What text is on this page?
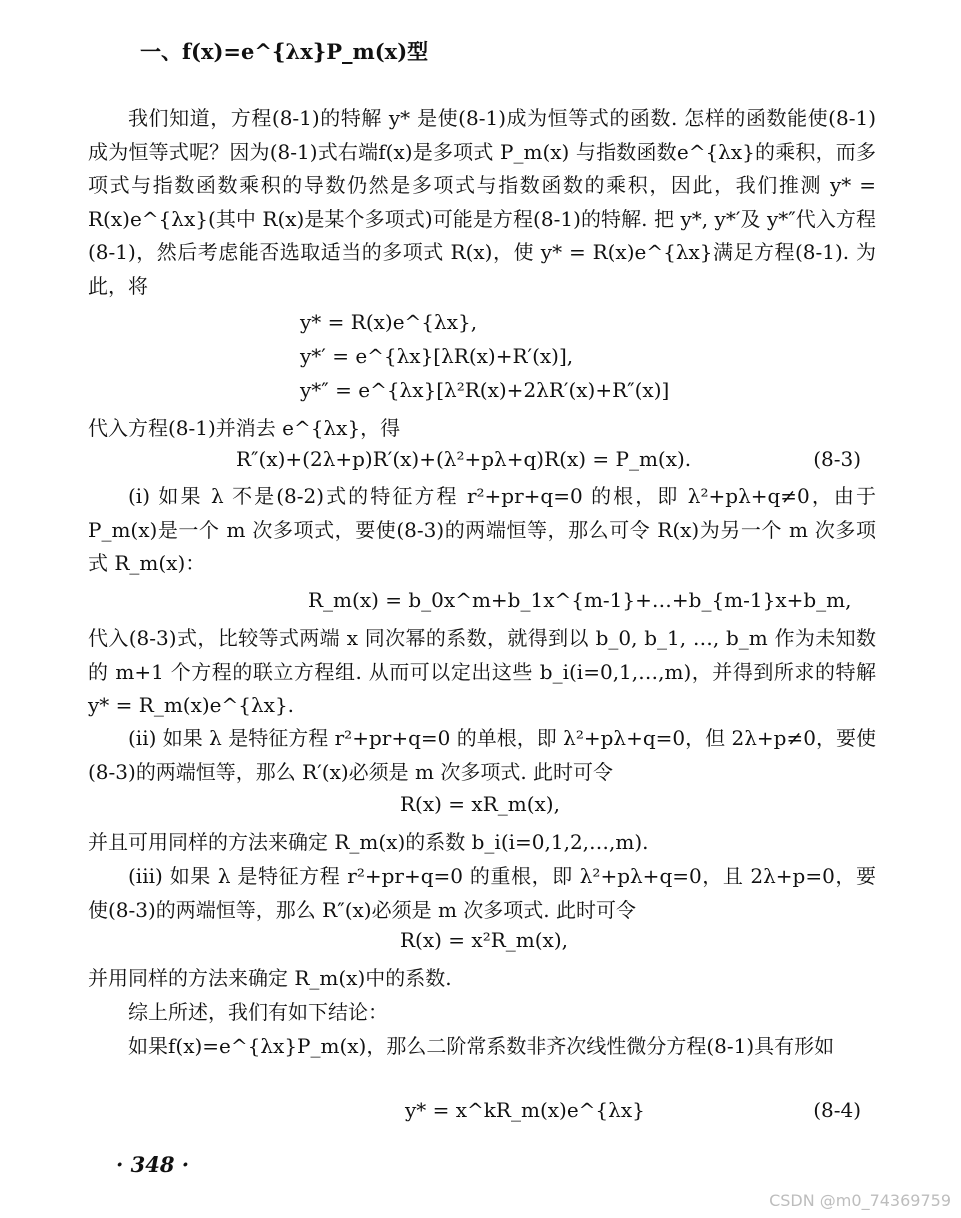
一、f(x)=e^{λx}P_m(x)型

我们知道，方程(8-1)的特解 y* 是使(8-1)成为恒等式的函数. 怎样的函数能使(8-1)成为恒等式呢？因为(8-1)式右端f(x)是多项式 P_m(x) 与指数函数e^{λx}的乘积，而多项式与指数函数乘积的导数仍然是多项式与指数函数的乘积，因此，我们推测 y* = R(x)e^{λx}(其中 R(x)是某个多项式)可能是方程(8-1)的特解. 把 y*, y*′及 y*″代入方程(8-1)，然后考虑能否选取适当的多项式 R(x)，使 y* = R(x)e^{λx}满足方程(8-1). 为此，将

y* = R(x)e^{λx},
y*′ = e^{λx}[λR(x)+R′(x)],
y*″ = e^{λx}[λ²R(x)+2λR′(x)+R″(x)]

代入方程(8-1)并消去 e^{λx}，得

R″(x)+(2λ+p)R′(x)+(λ²+pλ+q)R(x) = P_m(x).	(8-3)

(i) 如果 λ 不是(8-2)式的特征方程 r²+pr+q=0 的根，即 λ²+pλ+q≠0，由于 P_m(x)是一个 m 次多项式，要使(8-3)的两端恒等，那么可令 R(x)为另一个 m 次多项式 R_m(x)：

R_m(x) = b_0x^m+b_1x^{m-1}+…+b_{m-1}x+b_m,

代入(8-3)式，比较等式两端 x 同次幂的系数，就得到以 b_0, b_1, …, b_m 作为未知数的 m+1 个方程的联立方程组. 从而可以定出这些 b_i(i=0,1,…,m)，并得到所求的特解 y* = R_m(x)e^{λx}.

(ii) 如果 λ 是特征方程 r²+pr+q=0 的单根，即 λ²+pλ+q=0，但 2λ+p≠0，要使(8-3)的两端恒等，那么 R′(x)必须是 m 次多项式. 此时可令

R(x) = xR_m(x),

并且可用同样的方法来确定 R_m(x)的系数 b_i(i=0,1,2,…,m).

(iii) 如果 λ 是特征方程 r²+pr+q=0 的重根，即 λ²+pλ+q=0，且 2λ+p=0，要使(8-3)的两端恒等，那么 R″(x)必须是 m 次多项式. 此时可令

R(x) = x²R_m(x),

并用同样的方法来确定 R_m(x)中的系数.

综上所述，我们有如下结论：

如果f(x)=e^{λx}P_m(x)，那么二阶常系数非齐次线性微分方程(8-1)具有形如

y* = x^kR_m(x)e^{λx}	(8-4)
· 348 ·
CSDN @m0_74369759
